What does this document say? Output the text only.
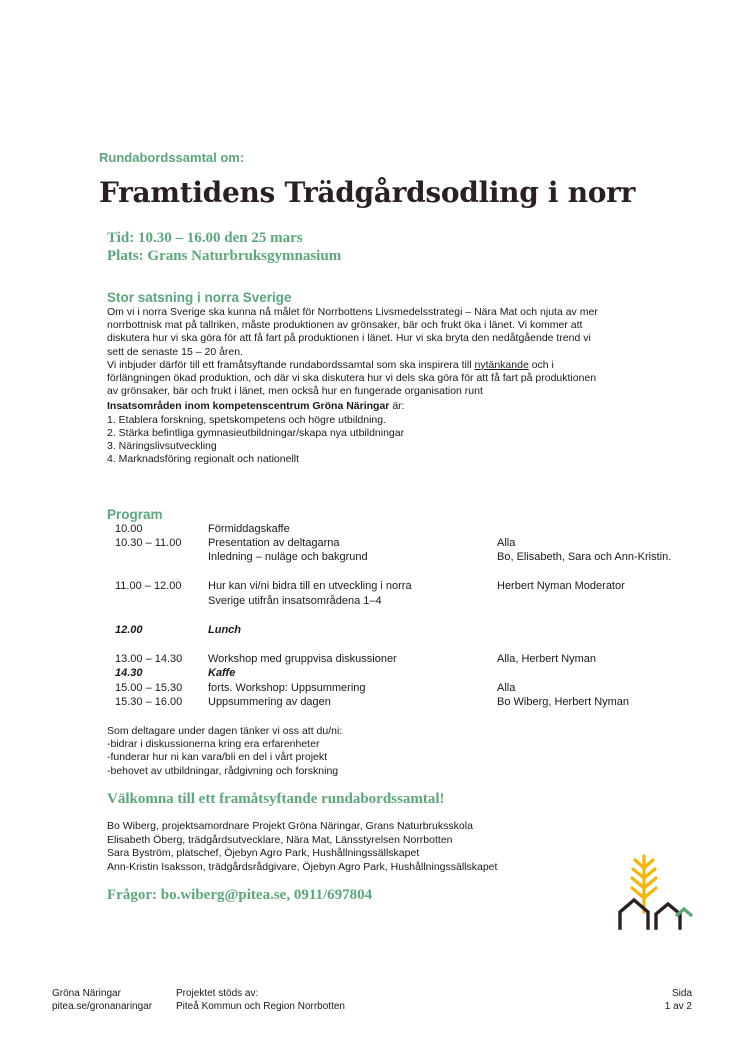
Rundabordssamtal om:
Framtidens Trädgårdsodling i norr
Tid: 10.30 – 16.00 den 25 mars
Plats: Grans Naturbruksgymnasium
Stor satsning i norra Sverige

Om vi i norra Sverige ska kunna nå målet för Norrbottens Livsmedelsstrategi – Nära Mat och njuta av mer norrbottnisk mat på tallriken, måste produktionen av grönsaker, bär och frukt öka i länet. Vi kommer att diskutera hur vi ska göra för att få fart på produktionen i länet. Hur vi ska bryta den nedåtgående trend vi sett de senaste 15 – 20 åren.

Vi inbjuder därför till ett framåtsyftande rundabordssamtal som ska inspirera till nytänkande och i förlängningen ökad produktion, och där vi ska diskutera hur vi dels ska göra för att få fart på produktionen av grönsaker, bär och frukt i länet, men också hur en fungerade organisation runt

Insatsområden inom kompetenscentrum Gröna Näringar är:

1. Etablera forskning, spetskompetens och högre utbildning.

2. Stärka befintliga gymnasieutbildningar/skapa nya utbildningar

3. Näringslivsutveckling

4. Marknadsföring regionalt och nationellt

Program
10.00	Förmiddagskaffe
10.30 – 11.00 Presentation av deltagarna	Alla
Inledning – nuläge och bakgrund	Bo, Elisabeth, Sara och Ann-Kristin.
11.00 – 12.00 Hur kan vi/ni bidra till en utveckling i norra	Herbert Nyman Moderator
Sverige utifrån insatsområdena 1–4
12.00	Lunch
13.00 – 14.30 Workshop med gruppvisa diskussioner	Alla, Herbert Nyman
14.30	Kaffe
15.00 – 15.30 forts. Workshop: Uppsummering	Alla
15.30 – 16.00 Uppsummering av dagen	Bo Wiberg, Herbert Nyman

Som deltagare under dagen tänker vi oss att du/ni:

-bidrar i diskussionerna kring era erfarenheter

-funderar hur ni kan vara/bli en del i vårt projekt

-behovet av utbildningar, rådgivning och forskning

Välkomna till ett framåtsyftande rundabordssamtal!
Bo Wiberg, projektsamordnare Projekt Gröna Näringar, Grans Naturbruksskola
Elisabeth Öberg, trädgårdsutvecklare, Nära Mat, Länsstyrelsen Norrbotten
Sara Byström, platschef, Öjebyn Agro Park, Hushållningssällskapet
Ann-Kristin Isaksson, trädgårdsrådgivare, Öjebyn Agro Park, Hushållningssällskapet
Frågor: bo.wiberg@pitea.se, 0911/697804
Gröna Näringar
pitea.se/gronanaringar
Projektet stöds av:
Piteå Kommun och Region Norrbotten
Sida
1 av 2
